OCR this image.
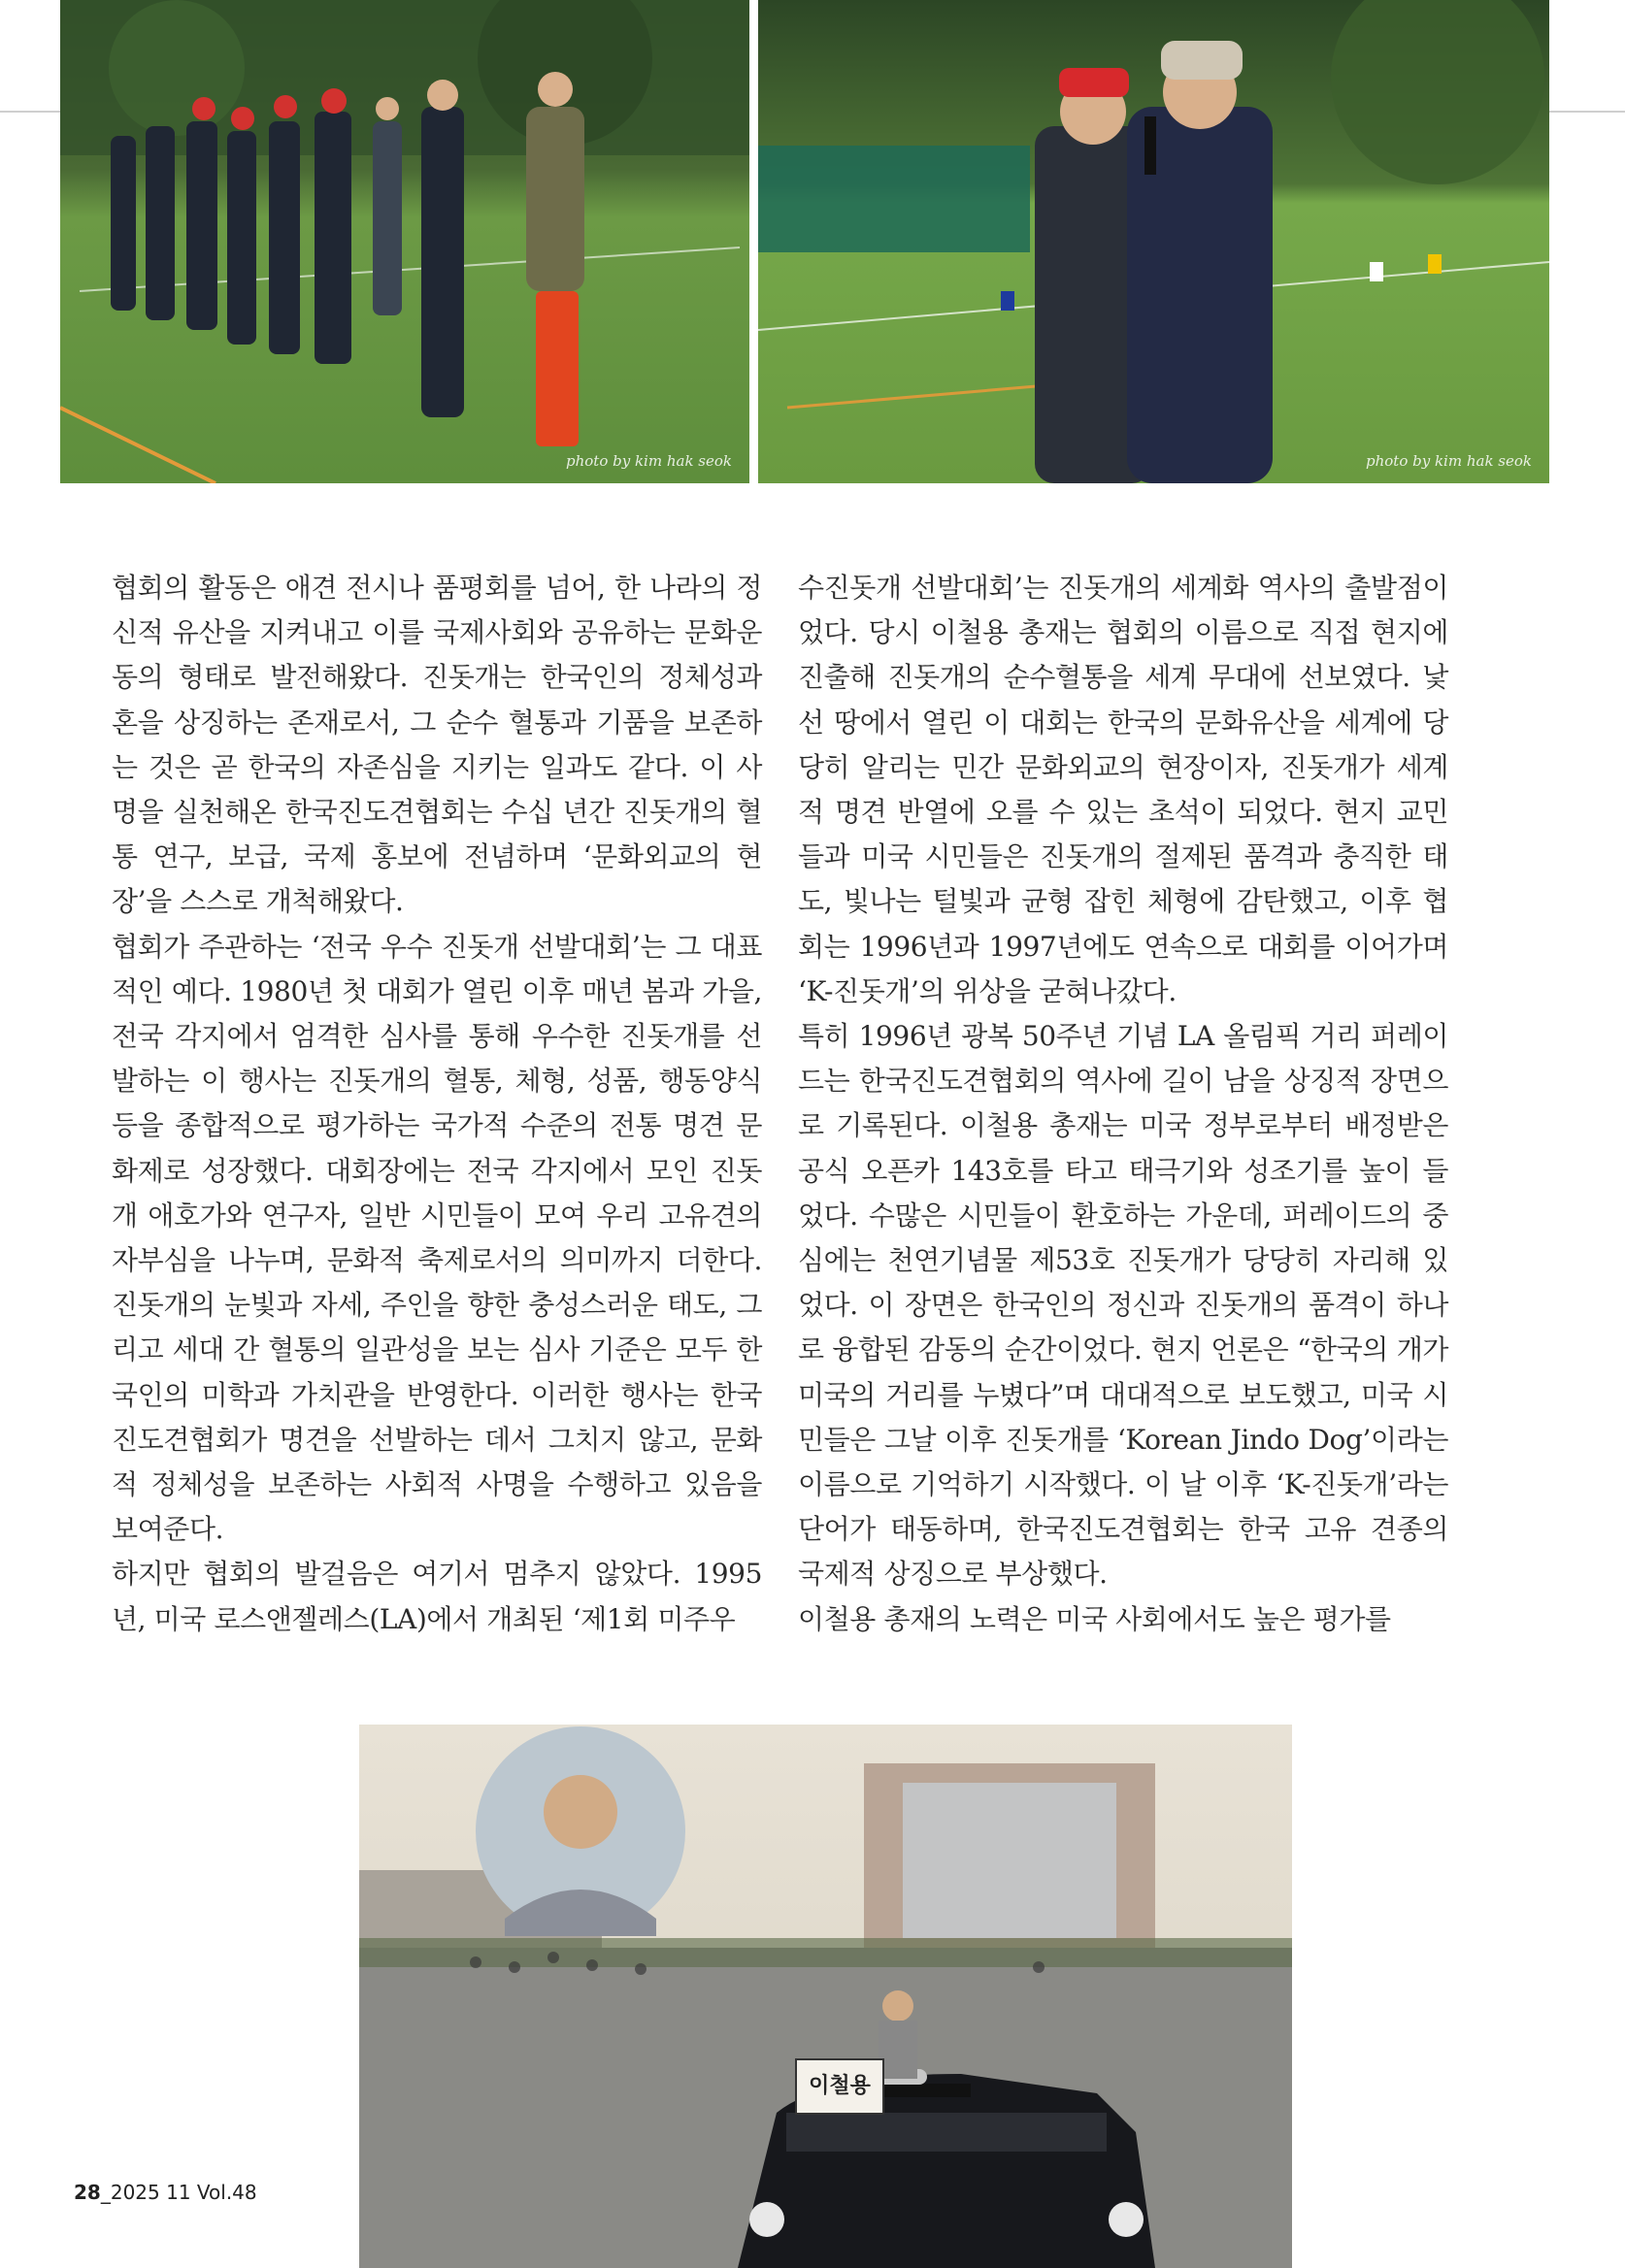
photo by kim hak seok	photo by kim hak seok

협회의 활동은 애견 전시나 품평회를 넘어, 한 나라의 정신적 유산을 지켜내고 이를 국제사회와 공유하는 문화운동의 형태로 발전해왔다. 진돗개는 한국인의 정체성과 혼을 상징하는 존재로서, 그 순수 혈통과 기품을 보존하는 것은 곧 한국의 자존심을 지키는 일과도 같다. 이 사명을 실천해온 한국진도견협회는 수십 년간 진돗개의 혈통 연구, 보급, 국제 홍보에 전념하며 ‘문화외교의 현장’을 스스로 개척해왔다.

협회가 주관하는 ‘전국 우수 진돗개 선발대회’는 그 대표적인 예다. 1980년 첫 대회가 열린 이후 매년 봄과 가을, 전국 각지에서 엄격한 심사를 통해 우수한 진돗개를 선발하는 이 행사는 진돗개의 혈통, 체형, 성품, 행동양식 등을 종합적으로 평가하는 국가적 수준의 전통 명견 문화제로 성장했다. 대회장에는 전국 각지에서 모인 진돗개 애호가와 연구자, 일반 시민들이 모여 우리 고유견의 자부심을 나누며, 문화적 축제로서의 의미까지 더한다. 진돗개의 눈빛과 자세, 주인을 향한 충성스러운 태도, 그리고 세대 간 혈통의 일관성을 보는 심사 기준은 모두 한국인의 미학과 가치관을 반영한다. 이러한 행사는 한국진도견협회가 명견을 선발하는 데서 그치지 않고, 문화적 정체성을 보존하는 사회적 사명을 수행하고 있음을 보여준다.

하지만 협회의 발걸음은 여기서 멈추지 않았다. 1995년, 미국 로스앤젤레스(LA)에서 개최된 ‘제1회 미주우

수진돗개 선발대회’는 진돗개의 세계화 역사의 출발점이었다. 당시 이철용 총재는 협회의 이름으로 직접 현지에 진출해 진돗개의 순수혈통을 세계 무대에 선보였다. 낯선 땅에서 열린 이 대회는 한국의 문화유산을 세계에 당당히 알리는 민간 문화외교의 현장이자, 진돗개가 세계적 명견 반열에 오를 수 있는 초석이 되었다. 현지 교민들과 미국 시민들은 진돗개의 절제된 품격과 충직한 태도, 빛나는 털빛과 균형 잡힌 체형에 감탄했고, 이후 협회는 1996년과 1997년에도 연속으로 대회를 이어가며 ‘K-진돗개’의 위상을 굳혀나갔다.

특히 1996년 광복 50주년 기념 LA 올림픽 거리 퍼레이드는 한국진도견협회의 역사에 길이 남을 상징적 장면으로 기록된다. 이철용 총재는 미국 정부로부터 배정받은 공식 오픈카 143호를 타고 태극기와 성조기를 높이 들었다. 수많은 시민들이 환호하는 가운데, 퍼레이드의 중심에는 천연기념물 제53호 진돗개가 당당히 자리해 있었다. 이 장면은 한국인의 정신과 진돗개의 품격이 하나로 융합된 감동의 순간이었다. 현지 언론은 “한국의 개가 미국의 거리를 누볐다”며 대대적으로 보도했고, 미국 시민들은 그날 이후 진돗개를 ‘Korean Jindo Dog’이라는 이름으로 기억하기 시작했다. 이 날 이후 ‘K-진돗개’라는 단어가 태동하며, 한국진도견협회는 한국 고유 견종의 국제적 상징으로 부상했다.

이철용 총재의 노력은 미국 사회에서도 높은 평가를

이철용
28_2025 11 Vol.48
